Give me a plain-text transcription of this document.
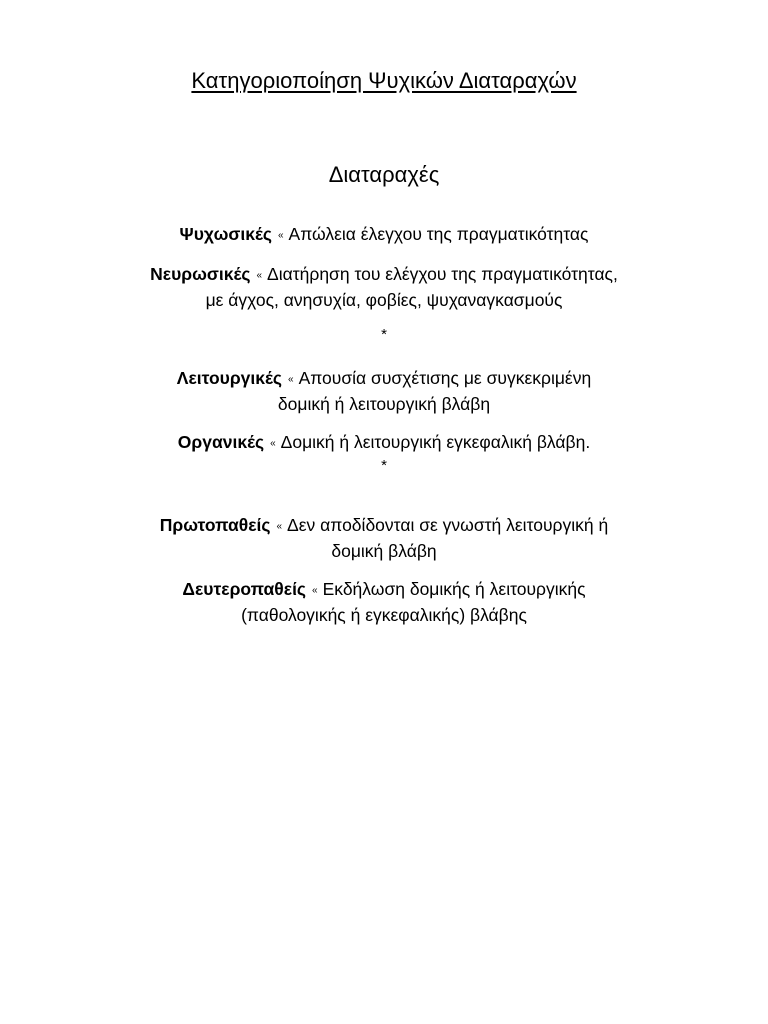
Κατηγοριοποίηση Ψυχικών Διαταραχών
Διαταραχές

Ψυχωσικές « Απώλεια έλεγχου της πραγματικότητας

Νευρωσικές « Διατήρηση του ελέγχου της πραγματικότητας,
με άγχος, ανησυχία, φοβίες, ψυχαναγκασμούς

*

Λειτουργικές « Απουσία συσχέτισης με συγκεκριμένη
δομική ή λειτουργική βλάβη

Οργανικές « Δομική ή λειτουργική εγκεφαλική βλάβη.

*

Πρωτοπαθείς « Δεν αποδίδονται σε γνωστή λειτουργική ή
δομική βλάβη

Δευτεροπαθείς « Εκδήλωση δομικής ή λειτουργικής
(παθολογικής ή εγκεφαλικής) βλάβης
